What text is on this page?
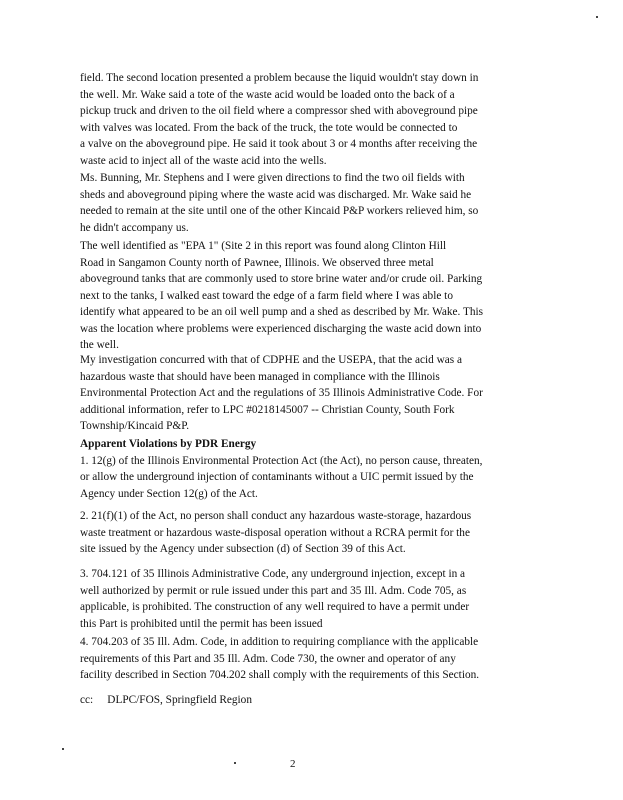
field. The second location presented a problem because the liquid wouldn't stay down in
the well. Mr. Wake said a tote of the waste acid would be loaded onto the back of a
pickup truck and driven to the oil field where a compressor shed with aboveground pipe
with valves was located. From the back of the truck, the tote would be connected to
a valve on the aboveground pipe. He said it took about 3 or 4 months after receiving the
waste acid to inject all of the waste acid into the wells.
Ms. Bunning, Mr. Stephens and I were given directions to find the two oil fields with
sheds and aboveground piping where the waste acid was discharged. Mr. Wake said he
needed to remain at the site until one of the other Kincaid P&P workers relieved him, so
he didn't accompany us.
The well identified as "EPA 1" (Site 2 in this report was found along Clinton Hill
Road in Sangamon County north of Pawnee, Illinois. We observed three metal
aboveground tanks that are commonly used to store brine water and/or crude oil. Parking
next to the tanks, I walked east toward the edge of a farm field where I was able to
identify what appeared to be an oil well pump and a shed as described by Mr. Wake. This
was the location where problems were experienced discharging the waste acid down into
the well.
My investigation concurred with that of CDPHE and the USEPA, that the acid was a
hazardous waste that should have been managed in compliance with the Illinois
Environmental Protection Act and the regulations of 35 Illinois Administrative Code. For
additional information, refer to LPC #0218145007 -- Christian County, South Fork
Township/Kincaid P&P.
Apparent Violations by PDR Energy
1. 12(g) of the Illinois Environmental Protection Act (the Act), no person cause, threaten,
or allow the underground injection of contaminants without a UIC permit issued by the
Agency under Section 12(g) of the Act.
2. 21(f)(1) of the Act, no person shall conduct any hazardous waste-storage, hazardous
waste treatment or hazardous waste-disposal operation without a RCRA permit for the
site issued by the Agency under subsection (d) of Section 39 of this Act.
3. 704.121 of 35 Illinois Administrative Code, any underground injection, except in a
well authorized by permit or rule issued under this part and 35 Ill. Adm. Code 705, as
applicable, is prohibited. The construction of any well required to have a permit under
this Part is prohibited until the permit has been issued
4. 704.203 of 35 Ill. Adm. Code, in addition to requiring compliance with the applicable
requirements of this Part and 35 Ill. Adm. Code 730, the owner and operator of any
facility described in Section 704.202 shall comply with the requirements of this Section.
cc:     DLPC/FOS, Springfield Region
2
